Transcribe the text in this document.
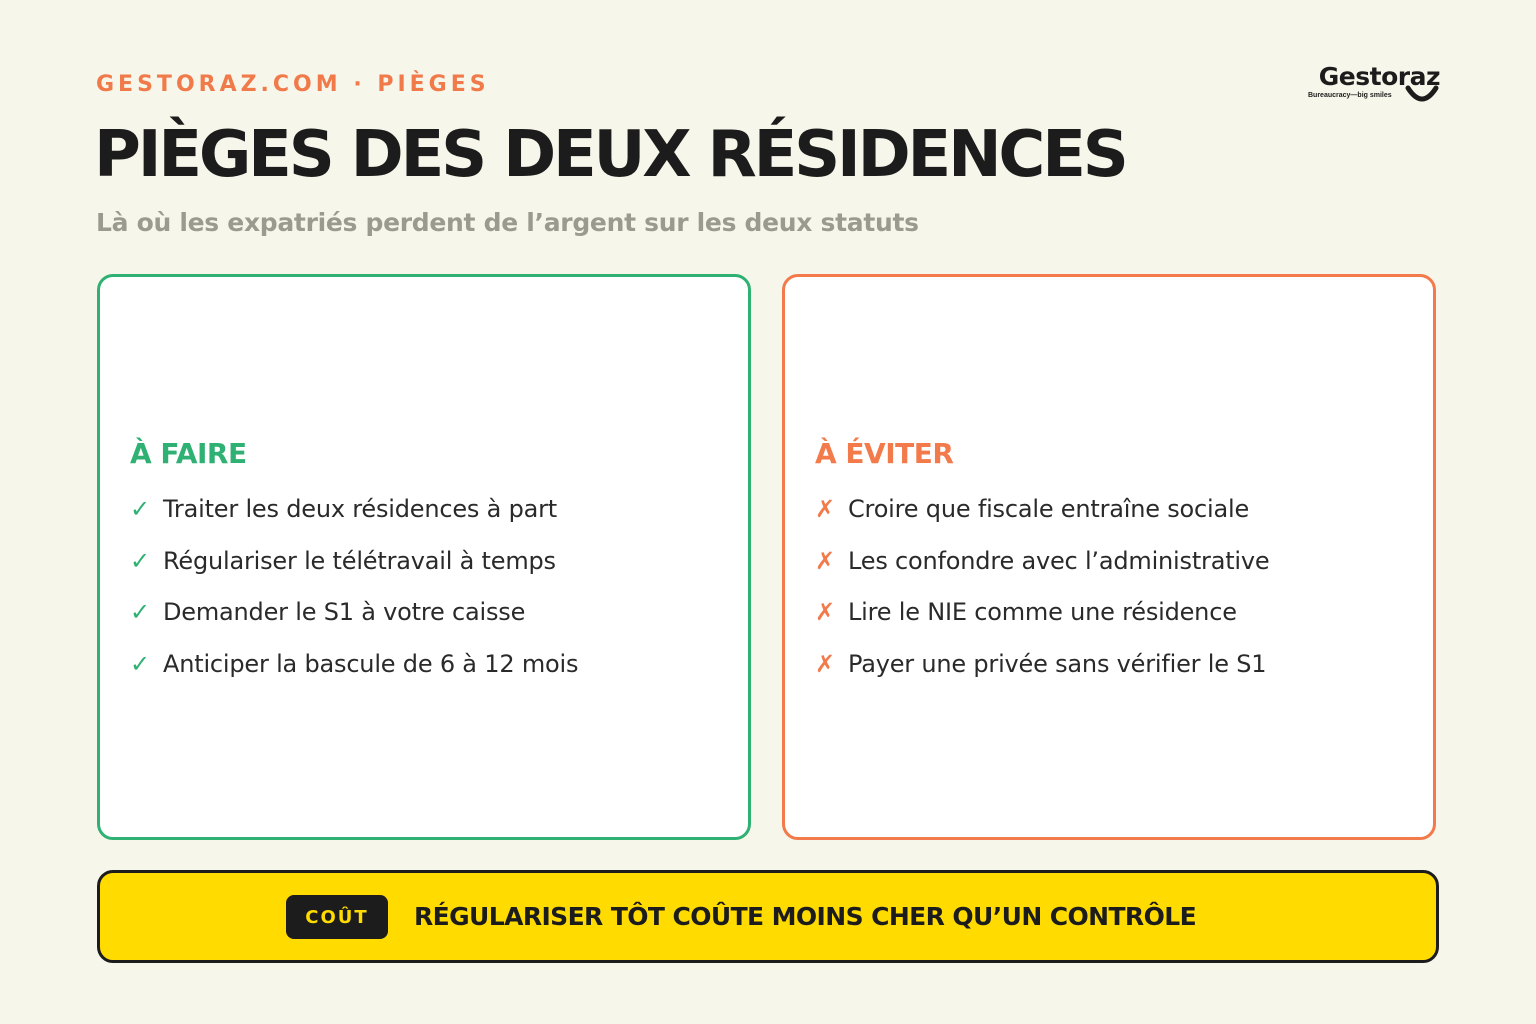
GESTORAZ.COM · PIÈGES	Gestoraz
Bureaucracy—big smiles
PIÈGES DES DEUX RÉSIDENCES
Là où les expatriés perdent de l’argent sur les deux statuts
À FAIRE
✓ Traiter les deux résidences à part
✓ Régulariser le télétravail à temps
✓ Demander le S1 à votre caisse
✓ Anticiper la bascule de 6 à 12 mois
À ÉVITER
✗ Croire que fiscale entraîne sociale
✗ Les confondre avec l’administrative
✗ Lire le NIE comme une résidence
✗ Payer une privée sans vérifier le S1
COÛT	RÉGULARISER TÔT COÛTE MOINS CHER QU’UN CONTRÔLE
